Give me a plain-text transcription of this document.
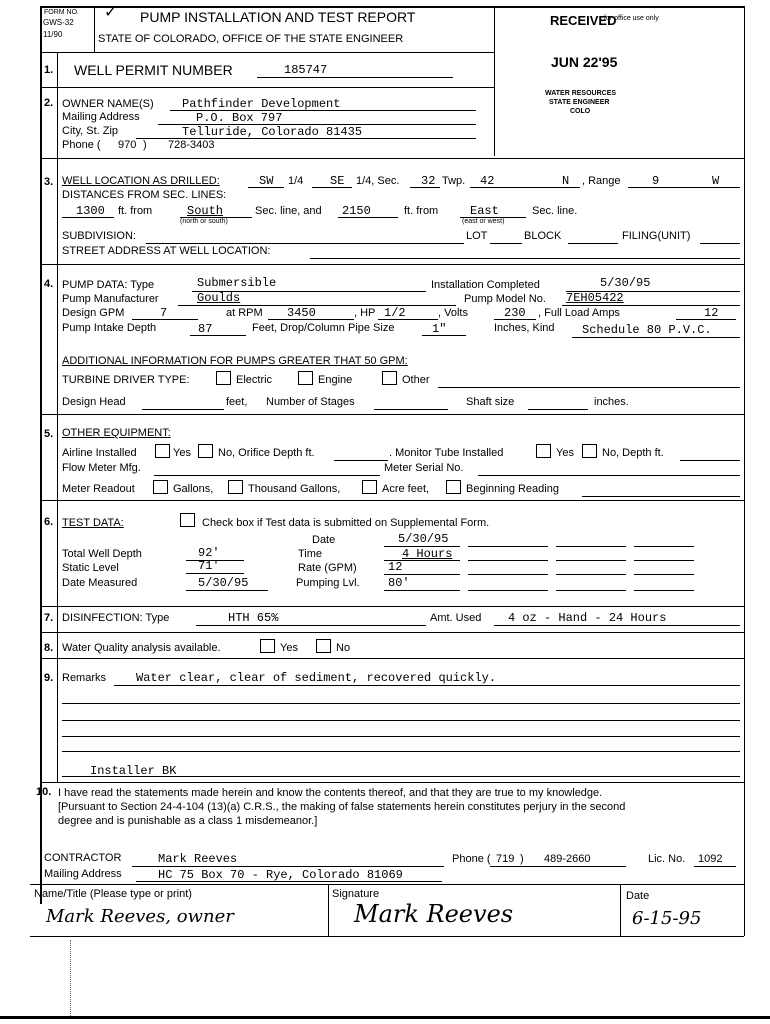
FORM NO.
GWS-32
11/90
✓ PUMP INSTALLATION AND TEST REPORT
STATE OF COLORADO, OFFICE OF THE STATE ENGINEER
RECEIVED
for office use only
JUN 22'95
WATER RESOURCES
STATE ENGINEER
COLO
1. WELL PERMIT NUMBER	185747
2. OWNER NAME(S) Pathfinder Development
Mailing Address	P.O. Box 797
City, St. Zip	Telluride, Colorado 81435
Phone ( 970 ) 728-3403
3. WELL LOCATION AS DRILLED:	SW 1/4 SE 1/4, Sec. 32 Twp. 42	N , Range	9	W
DISTANCES FROM SEC. LINES:
1300 ft. from	South
(north or south)
Sec. line, and 2150	ft. from	East
(east or west)
Sec. line.
SUBDIVISION:	LOT	BLOCK	FILING(UNIT)
STREET ADDRESS AT WELL LOCATION:
4. PUMP DATA: Type	Submersible	Installation Completed	5/30/95
Pump Manufacturer	Goulds	Pump Model No. 7EH05422
Design GPM	7	at RPM 3450	, HP 1/2	, Volts	230 , Full Load Amps	12
Pump Intake Depth	87	Feet, Drop/Column Pipe Size	1"	Inches, Kind Schedule 80 P.V.C.
ADDITIONAL INFORMATION FOR PUMPS GREATER THAT 50 GPM:
TURBINE DRIVER TYPE:	Electric	Engine	Other
Design Head	feet, Number of Stages	Shaft size	inches.
5. OTHER EQUIPMENT:
Airline Installed	Yes No, Orifice Depth ft.	. Monitor Tube Installed	Yes	No, Depth ft.
Flow Meter Mfg.	Meter Serial No.
Meter Readout	Gallons,	Thousand Gallons,	Acre feet,	Beginning Reading
6. TEST DATA:	Check box if Test data is submitted on Supplemental Form.
Date	5/30/95
Total Well Depth	92'	Time	4 Hours
Static Level	71'	Rate (GPM)	12
Date Measured	5/30/95	Pumping Lvl. 80'
7. DISINFECTION: Type	HTH 65%	Amt. Used 4 oz - Hand - 24 Hours
8. Water Quality analysis available.	Yes	No
9. Remarks Water clear, clear of sediment, recovered quickly.
Installer BK
10. I have read the statements made herein and know the contents thereof, and that they are true to my knowledge.
[Pursuant to Section 24-4-104 (13)(a) C.R.S., the making of false statements herein constitutes perjury in the second
degree and is punishable as a class 1 misdemeanor.]
CONTRACTOR	Mark Reeves	Phone ( 719 ) 489-2660	Lic. No. 1092
Mailing Address	HC 75 Box 70 - Rye, Colorado 81069
Name/Title (Please type or print)
Mark Reeves, owner
Signature
Mark Reeves
Date
6-15-95
